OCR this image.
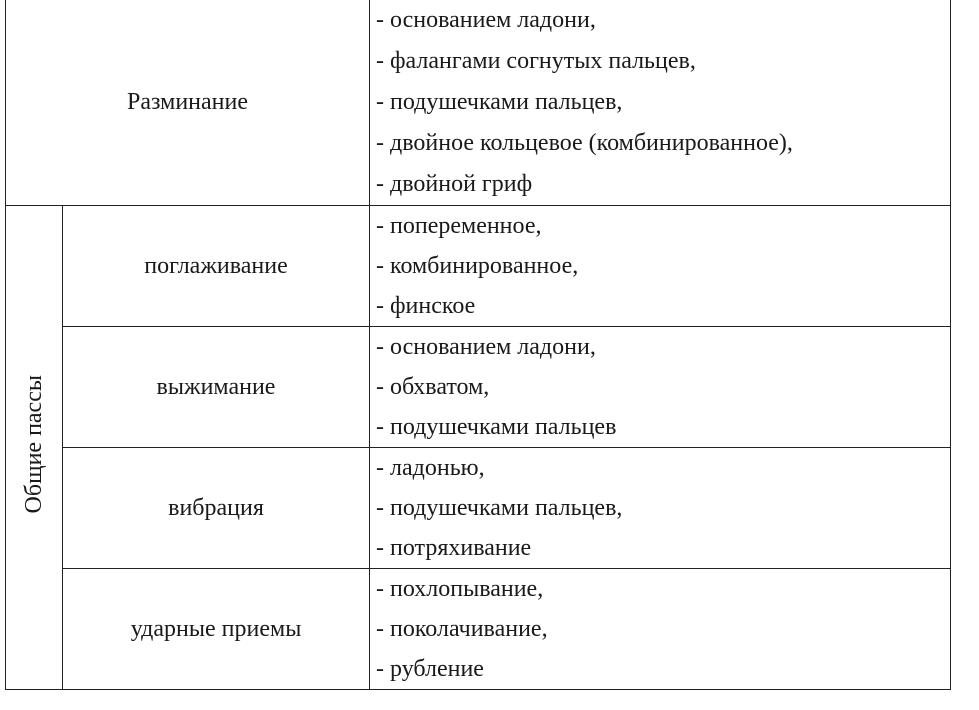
Разминание		- основанием ладони,
- фалангами согнутых пальцев,
- подушечками пальцев,
- двойное кольцевое (комбинированное),
- двойной гриф

Общие пассы	поглаживание	- попеременное,
- комбинированное,
- финское

	выжимание	- основанием ладони,
- обхватом,
- подушечками пальцев

	вибрация	- ладонью,
- подушечками пальцев,
- потряхивание

	ударные приемы	- похлопывание,
- поколачивание,
- рубление
